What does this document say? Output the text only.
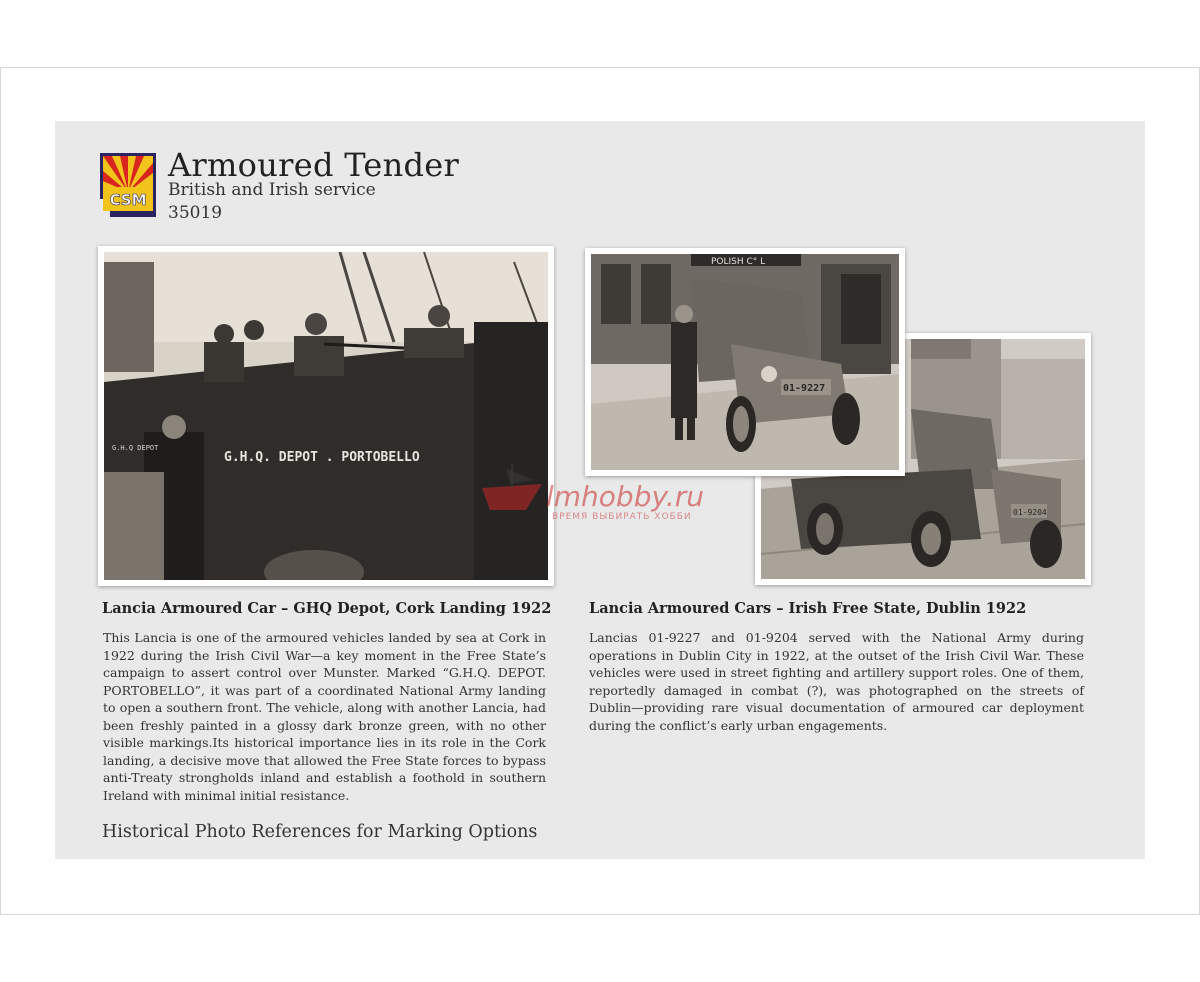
CSM
Armoured Tender
British and Irish service
35019
G.H.Q. DEPOT . PORTOBELLO
G.H.Q DEPOT
POLISH C° L
01-9227
01-9204
lmhobby.ru
ВРЕМЯ ВЫБИРАТЬ ХОББИ
Lancia Armoured Car – GHQ Depot, Cork Landing 1922

This Lancia is one of the armoured vehicles landed by sea at Cork in 1922 during the Irish Civil War—a key moment in the Free State’s campaign to assert control over Munster. Marked “G.H.Q. DEPOT. PORTOBELLO”, it was part of a coordinated National Army landing to open a southern front. The vehicle, along with another Lancia, had been freshly painted in a glossy dark bronze green, with no other visible markings.Its historical importance lies in its role in the Cork landing, a decisive move that allowed the Free State forces to bypass anti-Treaty strongholds inland and establish a foothold in southern Ireland with minimal initial resistance.

Lancia Armoured Cars – Irish Free State, Dublin 1922

Lancias 01-9227 and 01-9204 served with the National Army during operations in Dublin City in 1922, at the outset of the Irish Civil War. These vehicles were used in street fighting and artillery support roles. One of them, reportedly damaged in combat (?), was photographed on the streets of Dublin—providing rare visual documentation of armoured car deployment during the conflict’s early urban engagements.

Historical Photo References for Marking Options
